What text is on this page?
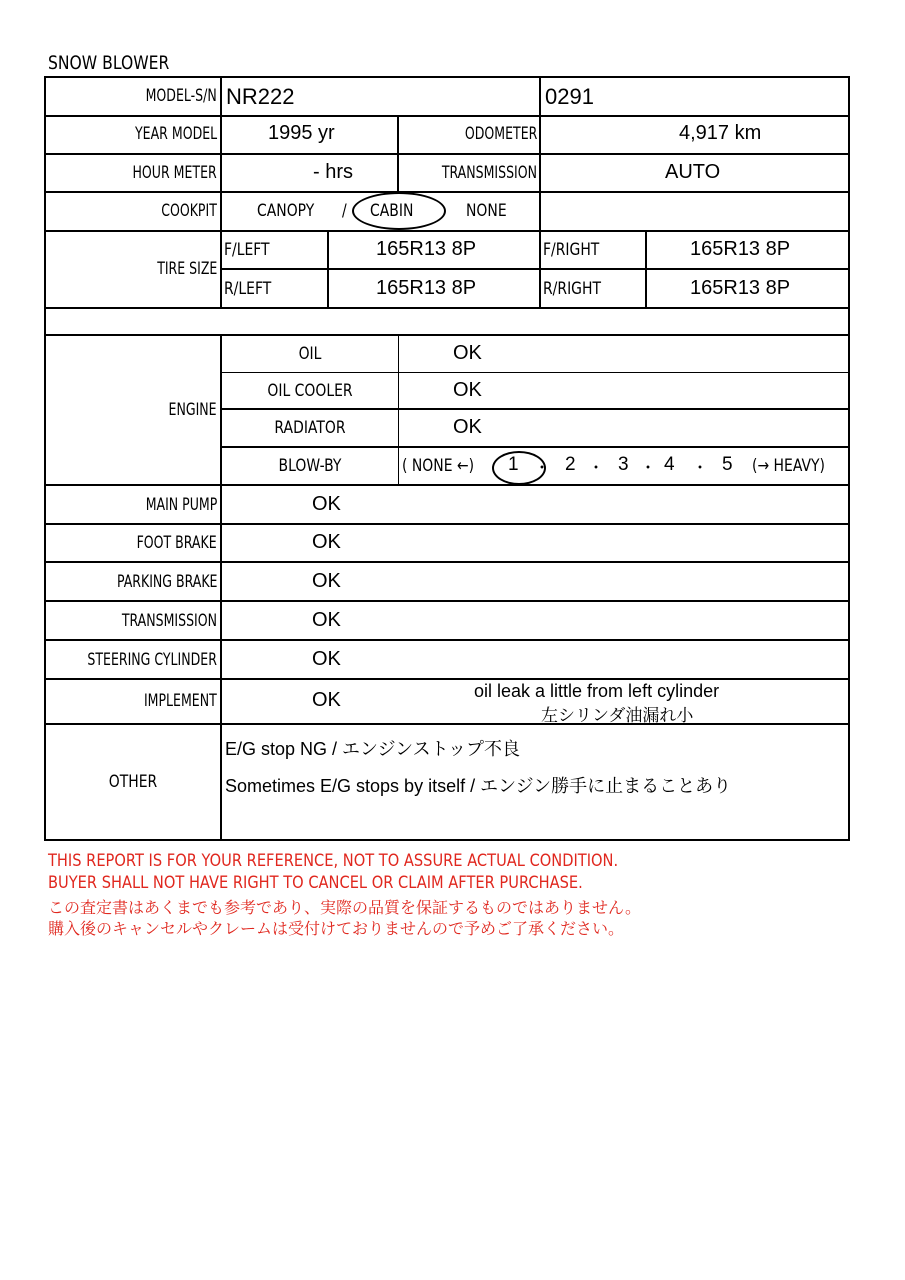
SNOW BLOWER
MODEL-S/N NR222	0291
YEAR MODEL	1995 yr	ODOMETER	4,917 km
HOUR METER	- hrs	TRANSMISSION	AUTO
COOKPIT CANOPY / CABIN	NONE
TIRE SIZE
F/LEFT	165R13 8P	F/RIGHT	165R13 8P
R/LEFT	165R13 8P	R/RIGHT	165R13 8P
ENGINE
OIL	OK
OIL COOLER	OK
RADIATOR	OK
BLOW-BY	( NONE ←) 1 ・ 2 ・ 3 ・ 4 ・ 5 (→ HEAVY)
MAIN PUMP	OK
FOOT BRAKE	OK
PARKING BRAKE	OK
TRANSMISSION	OK
STEERING CYLINDER	OK
IMPLEMENT	OK	oil leak a little from left cylinder
左シリンダ油漏れ小
OTHER
E/G stop NG / エンジンストップ不良
Sometimes E/G stops by itself / エンジン勝手に止まることあり
THIS REPORT IS FOR YOUR REFERENCE, NOT TO ASSURE ACTUAL CONDITION.
BUYER SHALL NOT HAVE RIGHT TO CANCEL OR CLAIM AFTER PURCHASE.
この査定書はあくまでも参考であり、実際の品質を保証するものではありません。
購入後のキャンセルやクレームは受付けておりませんので予めご了承ください。
